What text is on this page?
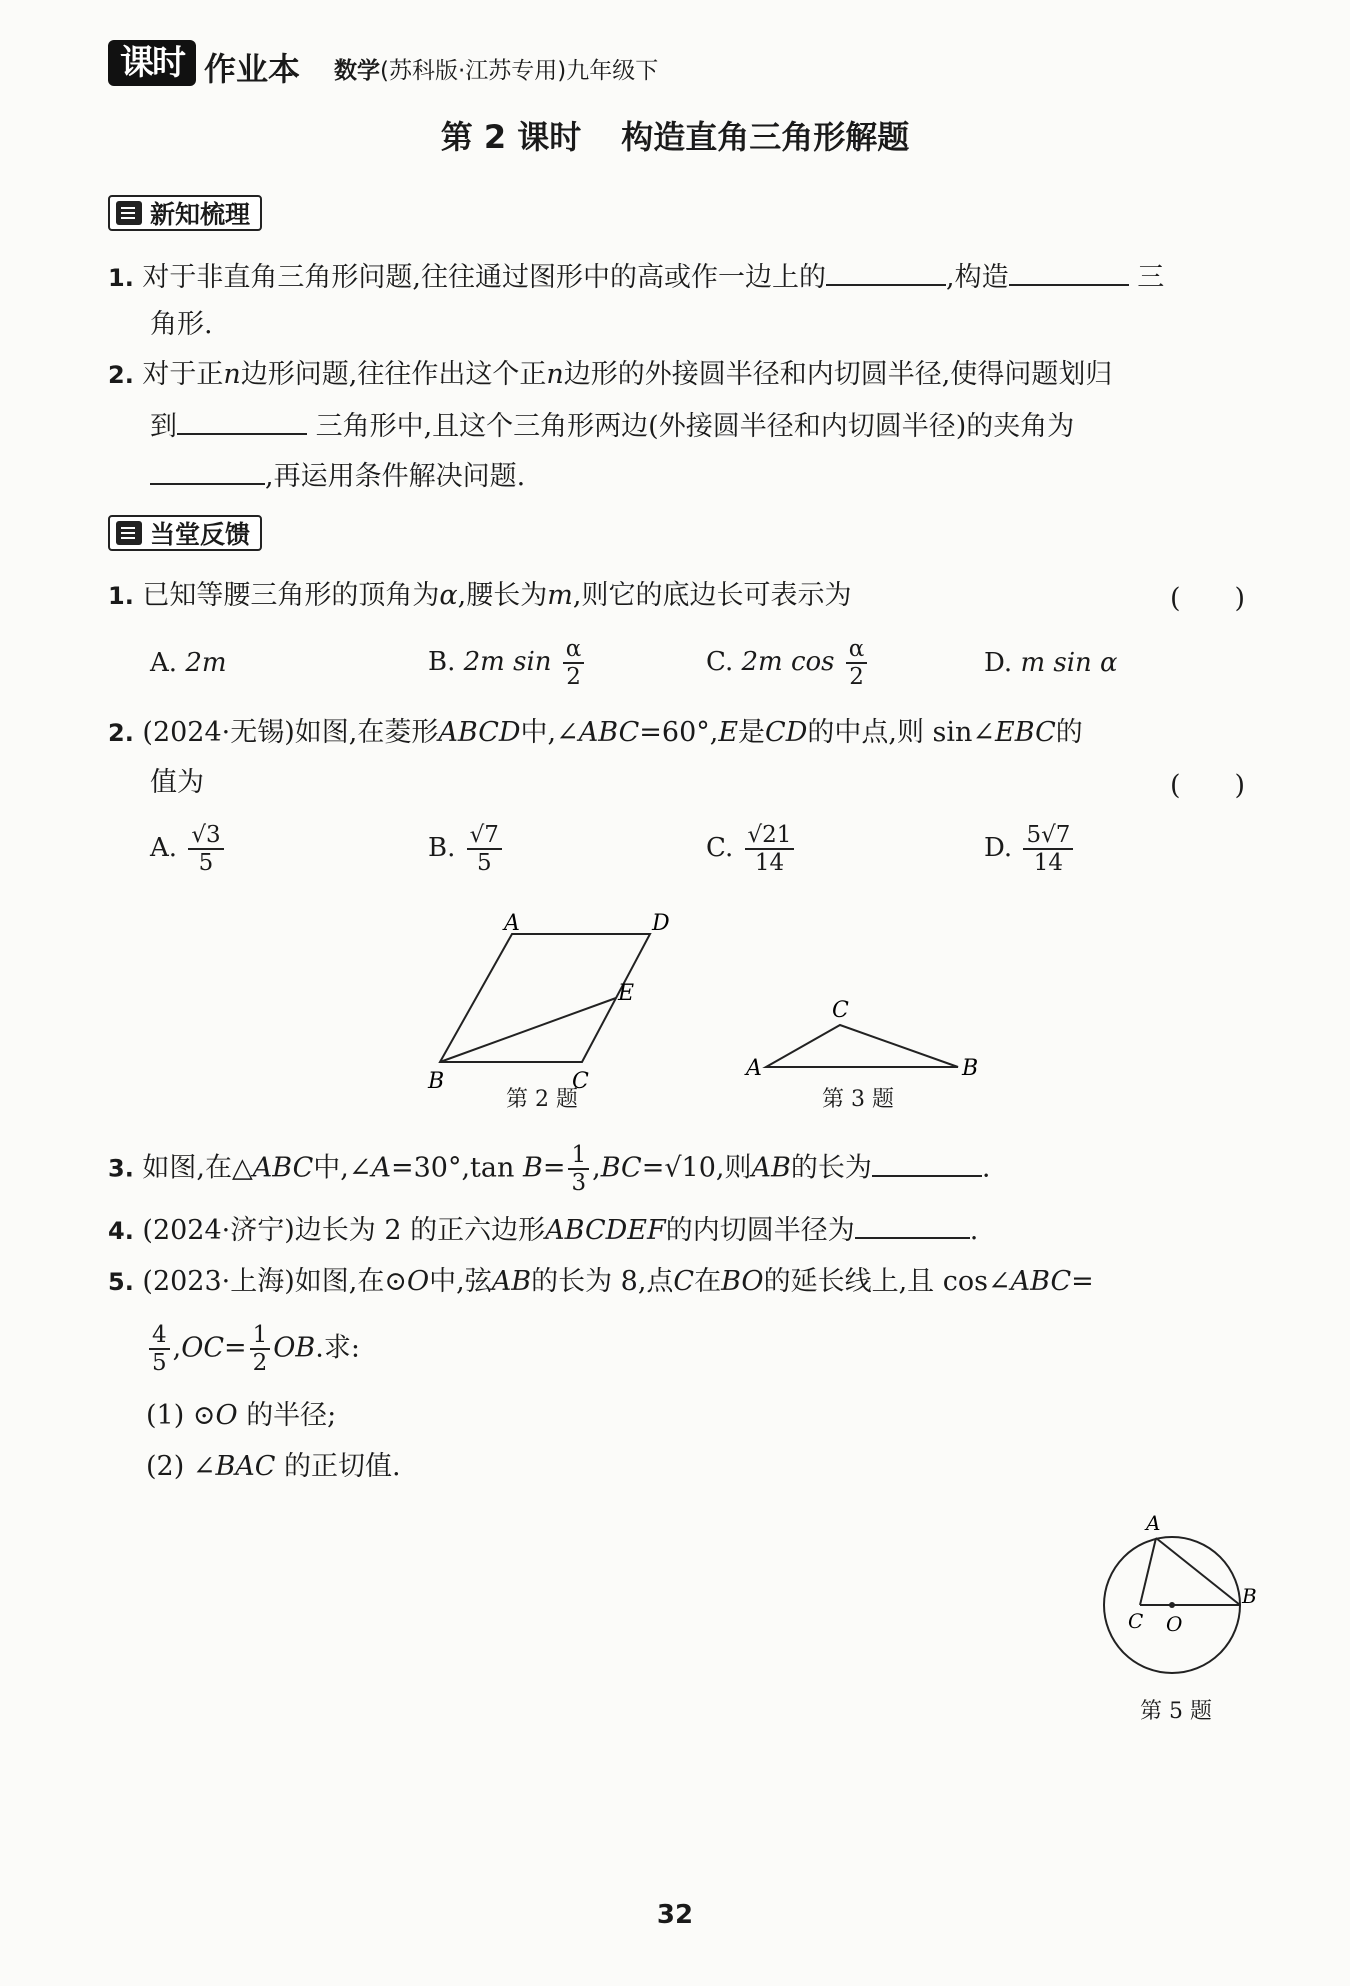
课时 作业本 数学(苏科版·江苏专用)九年级下
第 2 课时 构造直角三角形解题
新知梳理
1. 对于非直角三角形问题,往往通过图形中的高或作一边上的	,构造	三
角形.
2. 对于正n边形问题,往往作出这个正n边形的外接圆半径和内切圆半径,使得问题划归
到	三角形中,且这个三角形两边(外接圆半径和内切圆半径)的夹角为
,再运用条件解决问题.
当堂反馈
1. 已知等腰三角形的顶角为α,腰长为m,则它的底边长可表示为	(　　)
A. 2m	B. 2m $\sin \frac{\alpha}{2}$	C. 2m $\cos \frac{\alpha}{2}$	D. m sin α
2. (2024·无锡)如图,在菱形ABCD中,∠ABC=60°,E是CD的中点,则 sin∠EBC的
值为	(　　)
A. $\frac{√3}{5}$	B. $\frac{√7}{5}$	C. $\frac{√21}{14}$	D. $\frac{5√7}{14}$
A	D
E
B	C
第 2 题
C
A	B
第 3 题
3. 如图,在△ABC中,∠A=30°,tan $B= \frac{1}{3} ,BC=√10$,则AB的长为	.
4. (2024·济宁)边长为 2 的正六边形ABCDEF的内切圆半径为	.
5. (2023·上海)如图,在⊙O中,弦AB的长为 8,点C在BO的延长线上,且 cos∠ABC=
$\frac{4}{5} ,OC= \frac{1}{2}$ OB.求:
(1) ⊙O 的半径;
(2) ∠BAC 的正切值.
A
B
C O
第 5 题
32
